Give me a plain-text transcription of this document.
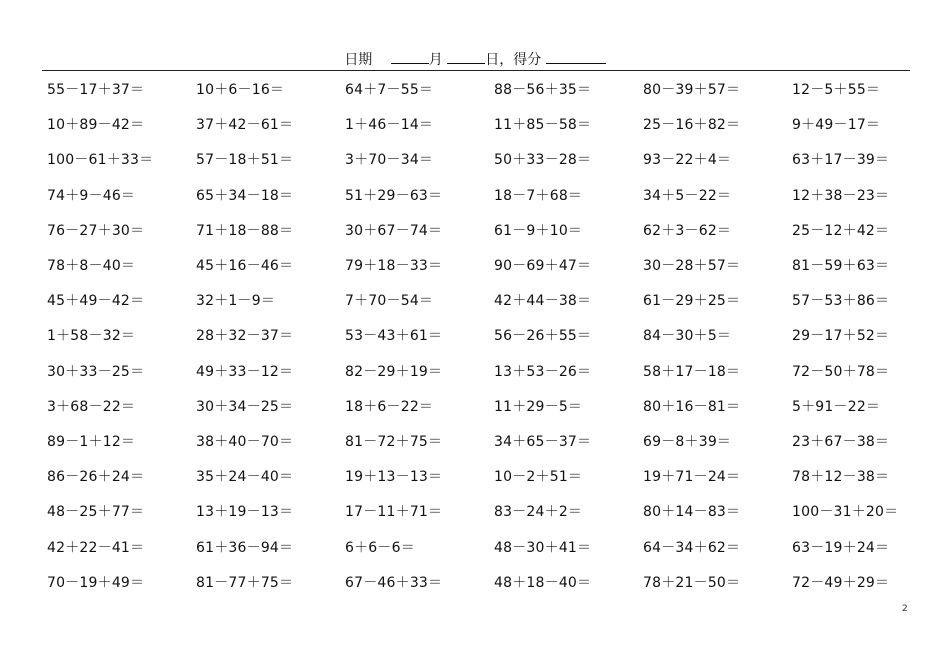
日期	月	日，得分
55－17＋37＝	10＋6－16＝	64＋7－55＝	88－56＋35＝	80－39＋57＝	12－5＋55＝
10＋89－42＝	37＋42－61＝	1＋46－14＝	11＋85－58＝	25－16＋82＝	9＋49－17＝
100－61＋33＝	57－18＋51＝	3＋70－34＝	50＋33－28＝	93－22＋4＝	63＋17－39＝
74＋9－46＝	65＋34－18＝	51＋29－63＝	18－7＋68＝	34＋5－22＝	12＋38－23＝
76－27＋30＝	71＋18－88＝	30＋67－74＝	61－9＋10＝	62＋3－62＝	25－12＋42＝
78＋8－40＝	45＋16－46＝	79＋18－33＝	90－69＋47＝	30－28＋57＝	81－59＋63＝
45＋49－42＝	32＋1－9＝	7＋70－54＝	42＋44－38＝	61－29＋25＝	57－53＋86＝
1＋58－32＝	28＋32－37＝	53－43＋61＝	56－26＋55＝	84－30＋5＝	29－17＋52＝
30＋33－25＝	49＋33－12＝	82－29＋19＝	13＋53－26＝	58＋17－18＝	72－50＋78＝
3＋68－22＝	30＋34－25＝	18＋6－22＝	11＋29－5＝	80＋16－81＝	5＋91－22＝
89－1＋12＝	38＋40－70＝	81－72＋75＝	34＋65－37＝	69－8＋39＝	23＋67－38＝
86－26＋24＝	35＋24－40＝	19＋13－13＝	10－2＋51＝	19＋71－24＝	78＋12－38＝
48－25＋77＝	13＋19－13＝	17－11＋71＝	83－24＋2＝	80＋14－83＝	100－31＋20＝
42＋22－41＝	61＋36－94＝	6＋6－6＝	48－30＋41＝	64－34＋62＝	63－19＋24＝
70－19＋49＝	81－77＋75＝	67－46＋33＝	48＋18－40＝	78＋21－50＝	72－49＋29＝
2
